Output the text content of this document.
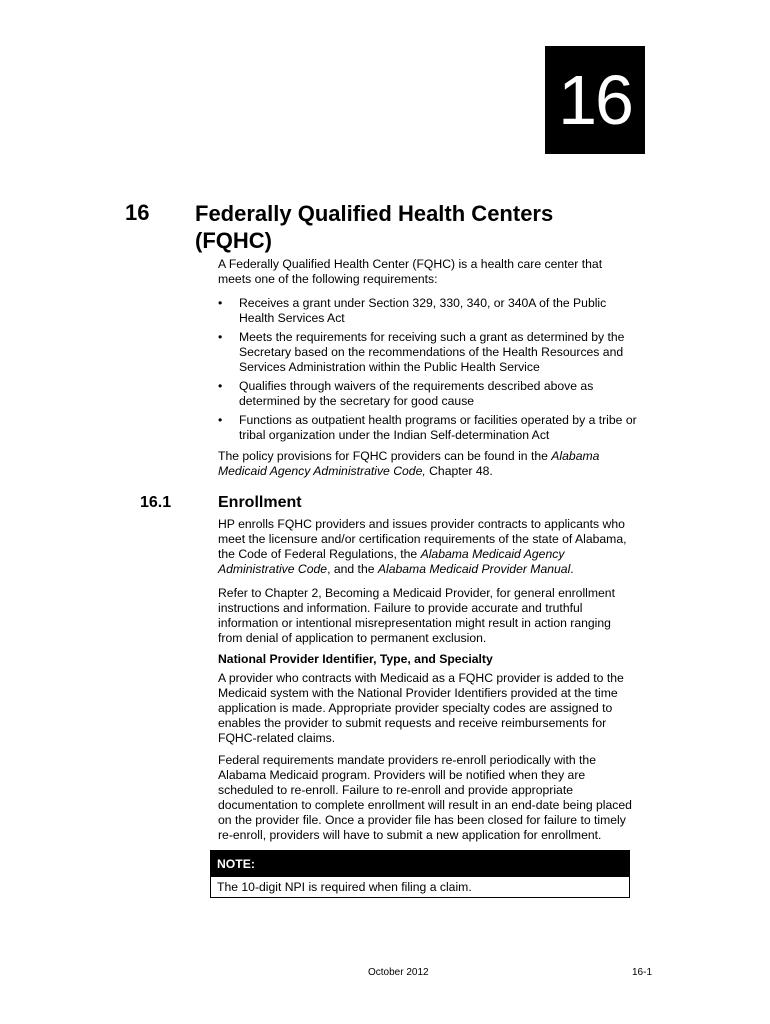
16
16 Federally Qualified Health Centers (FQHC)

A Federally Qualified Health Center (FQHC) is a health care center that meets one of the following requirements:

• Receives a grant under Section 329, 330, 340, or 340A of the Public Health Services Act
• Meets the requirements for receiving such a grant as determined by the Secretary based on the recommendations of the Health Resources and Services Administration within the Public Health Service
• Qualifies through waivers of the requirements described above as determined by the secretary for good cause
• Functions as outpatient health programs or facilities operated by a tribe or tribal organization under the Indian Self-determination Act

The policy provisions for FQHC providers can be found in the Alabama Medicaid Agency Administrative Code, Chapter 48.

16.1	Enrollment

HP enrolls FQHC providers and issues provider contracts to applicants who meet the licensure and/or certification requirements of the state of Alabama, the Code of Federal Regulations, the Alabama Medicaid Agency Administrative Code, and the Alabama Medicaid Provider Manual.

Refer to Chapter 2, Becoming a Medicaid Provider, for general enrollment instructions and information. Failure to provide accurate and truthful information or intentional misrepresentation might result in action ranging from denial of application to permanent exclusion.

National Provider Identifier, Type, and Specialty

A provider who contracts with Medicaid as a FQHC provider is added to the Medicaid system with the National Provider Identifiers provided at the time application is made. Appropriate provider specialty codes are assigned to enables the provider to submit requests and receive reimbursements for FQHC-related claims.

Federal requirements mandate providers re-enroll periodically with the Alabama Medicaid program. Providers will be notified when they are scheduled to re-enroll. Failure to re-enroll and provide appropriate documentation to complete enrollment will result in an end-date being placed on the provider file. Once a provider file has been closed for failure to timely re-enroll, providers will have to submit a new application for enrollment.

NOTE:
The 10-digit NPI is required when filing a claim.
October 2012	16-1
